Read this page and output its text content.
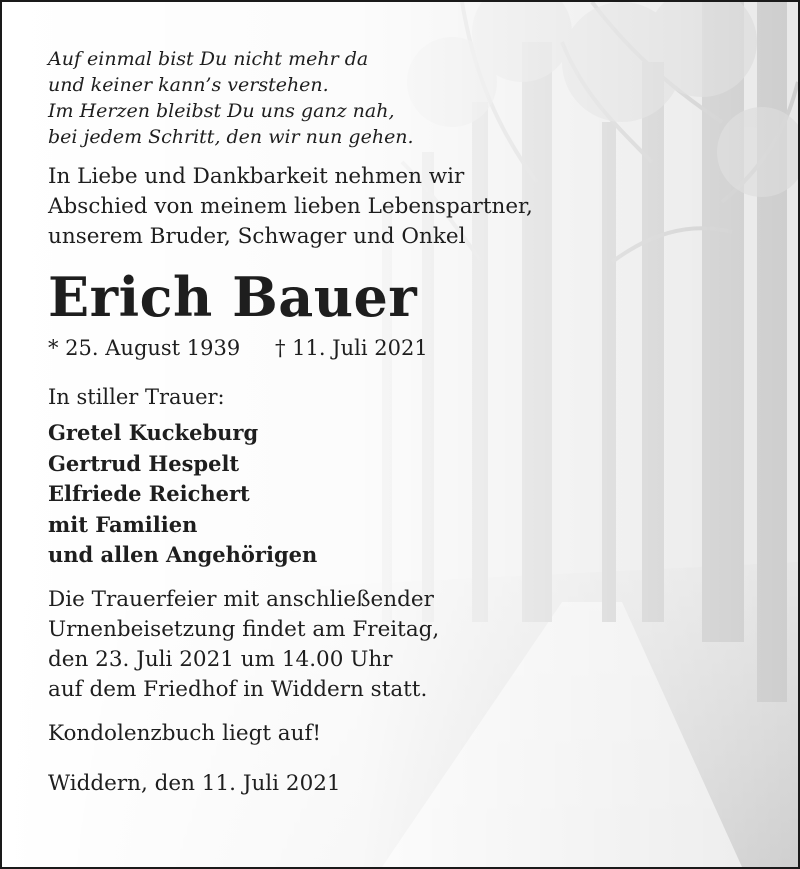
Auf einmal bist Du nicht mehr da
und keiner kann’s verstehen.
Im Herzen bleibst Du uns ganz nah,
bei jedem Schritt, den wir nun gehen.
In Liebe und Dankbarkeit nehmen wir
Abschied von meinem lieben Lebenspartner,
unserem Bruder, Schwager und Onkel
Erich Bauer
* 25. August 1939 † 11. Juli 2021
In stiller Trauer:
Gretel Kuckeburg
Gertrud Hespelt
Elfriede Reichert
mit Familien
und allen Angehörigen
Die Trauerfeier mit anschließender
Urnenbeisetzung findet am Freitag,
den 23. Juli 2021 um 14.00 Uhr
auf dem Friedhof in Widdern statt.
Kondolenzbuch liegt auf!
Widdern, den 11. Juli 2021
